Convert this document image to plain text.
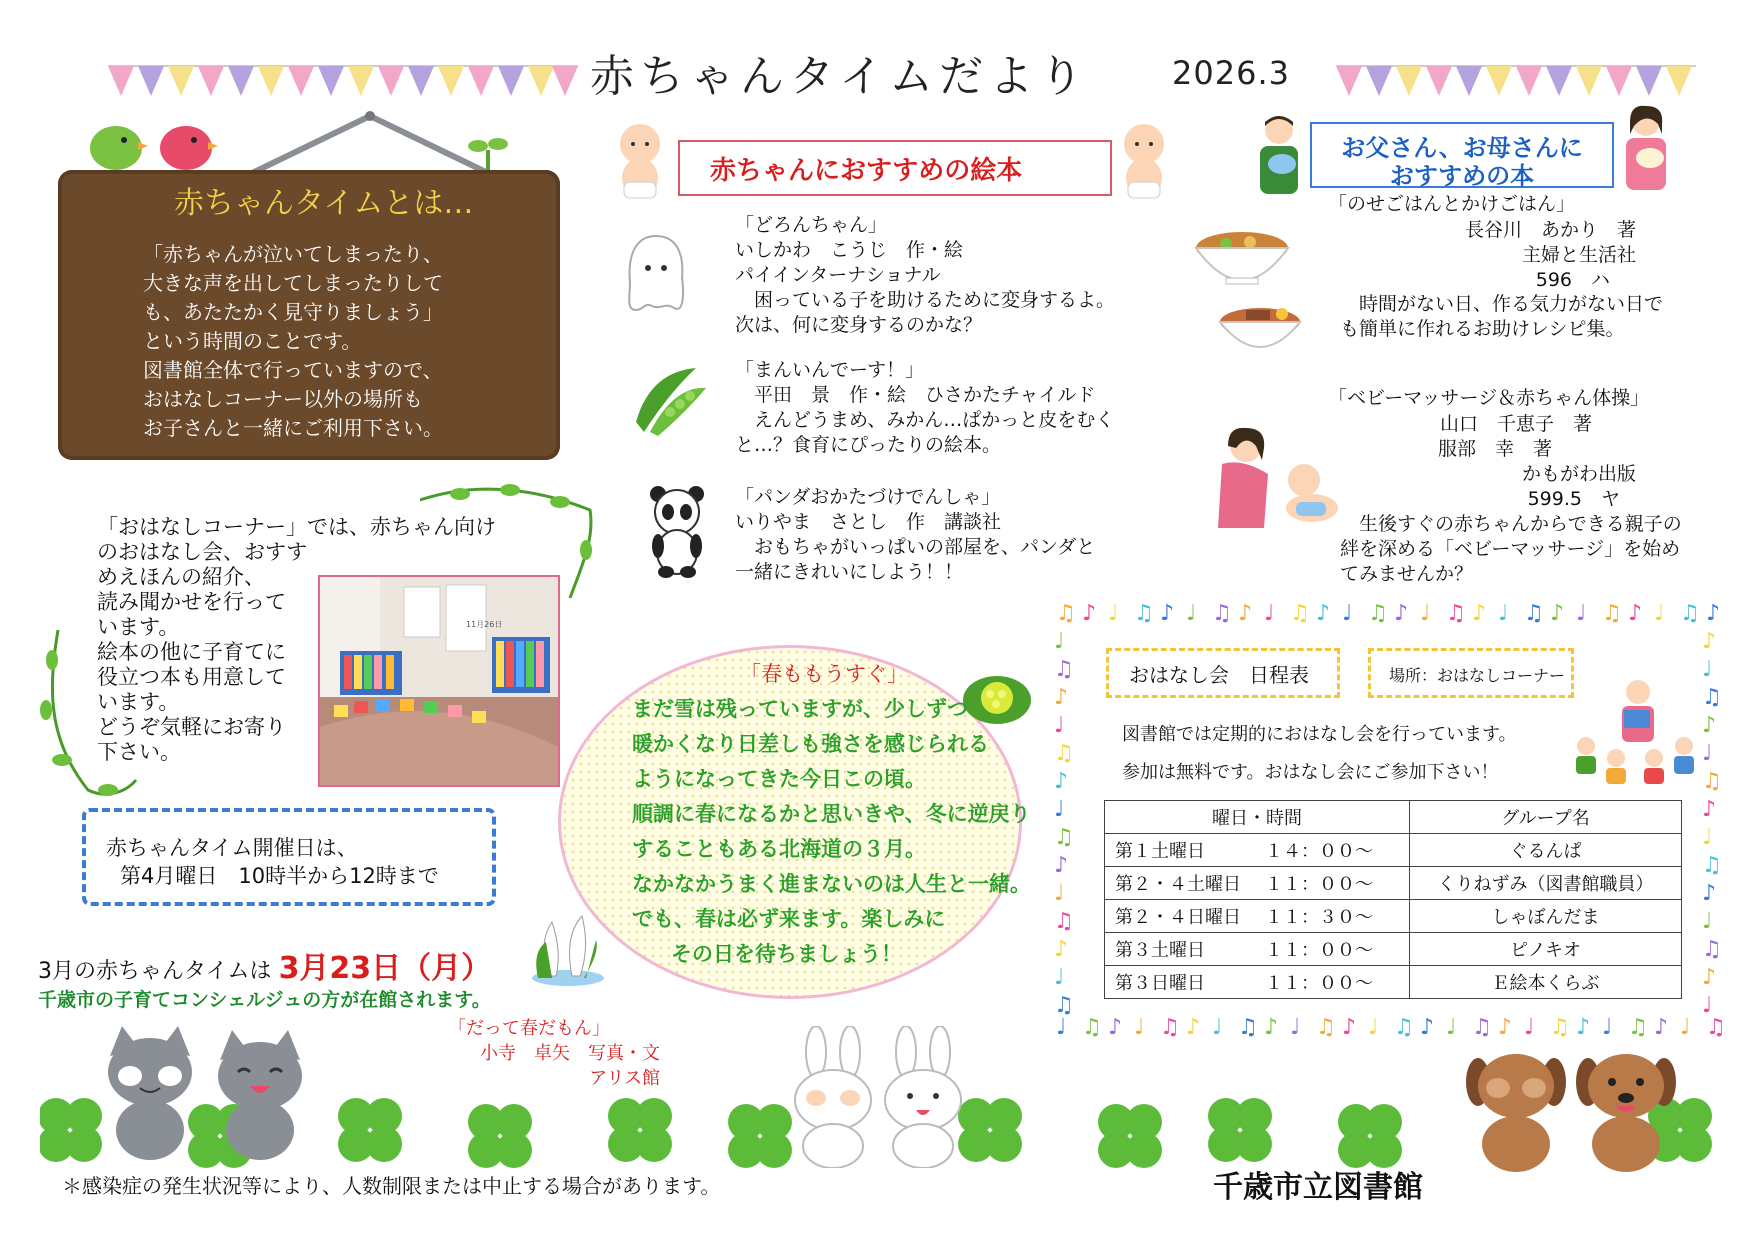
赤ちゃんタイムだより	2026.3
赤ちゃんタイムとは…

「赤ちゃんが泣いてしまったり、

大きな声を出してしまったりして

も、あたたかく見守りましょう」

という時間のことです。

図書館全体で行っていますので、

おはなしコーナー以外の場所も

お子さんと一緒にご利用下さい。

「おはなしコーナー」では、赤ちゃん向け

のおはなし会、おすす

めえほんの紹介、

読み聞かせを行って

います。

絵本の他に子育てに

役立つ本も用意して

います。

どうぞ気軽にお寄り

下さい。

11月26日

赤ちゃんタイム開催日は、

第4月曜日　10時半から12時まで

3月の赤ちゃんタイムは 3月23日（月）
千歳市の子育てコンシェルジュの方が在館されます。
「だって春だもん」
小寺　卓矢　写真・文
アリス館
赤ちゃんにおすすめの絵本

「どろんちゃん」

いしかわ　こうじ　作・絵

パイインターナショナル

　困っている子を助けるために変身するよ。

次は、何に変身するのかな？

「まんいんでーす！」

　平田　景　作・絵　ひさかたチャイルド

　えんどうまめ、みかん…ぱかっと皮をむく

と…？食育にぴったりの絵本。

「パンダおかたづけでんしゃ」

いりやま　さとし　作　講談社

　おもちゃがいっぱいの部屋を、パンダと

一緒にきれいにしよう！！

「春ももうすぐ」

まだ雪は残っていますが、少しずつ

暖かくなり日差しも強さを感じられる

ようになってきた今日この頃。

順調に春になるかと思いきや、冬に逆戻り

することもある北海道の３月。

なかなかうまく進まないのは人生と一緒。

でも、春は必ず来ます。楽しみに

　その日を待ちましょう！

お父さん、お母さんに

おすすめの本

「のせごはんとかけごはん」

長谷川　あかり　著

主婦と生活社

596　ハ

　時間がない日、作る気力がない日で

も簡単に作れるお助けレシピ集。

「ベビーマッサージ＆赤ちゃん体操」

山口　千恵子　著

服部　幸　著

かもがわ出版

599.5　ヤ

　生後すぐの赤ちゃんからできる親子の

絆を深める「ベビーマッサージ」を始め

てみませんか？

♫
♩
♪
♫
♩
♪
♫
♩
♪
♫
♩
♪
♫
♩
♪
♫
♩
♪
♫
♩
♪
♫
♩
♪
♫
♩
♪
♫
♩
♪
♫
♩
♪
♫
♩
♪
♫
♩
♪
♫
♩
♪
♫
♩
♪
♫
♩
♪
♫
♩
♪
♫
♩	♪
♫	♩
♪	♫
♩	♪
♫	♩
♪	♫
♩	♪
♫	♩
♪	♫
♩	♪
♫	♩
♪	♫
♩	♪
♫	♩
おはなし会　日程表	場所：おはなしコーナー
図書館では定期的におはなし会を行っています。
参加は無料です。おはなし会にご参加下さい！
曜日・時間	グループ名
第１土曜日 １４：００～	ぐるんぱ
第２・４土曜日 １１：００～	くりねずみ（図書館職員）
第２・４日曜日 １１：３０～	しゃぼんだま
第３土曜日 １１：００～	ピノキオ
第３日曜日 １１：００～	Ｅ絵本くらぶ
＊感染症の発生状況等により、人数制限または中止する場合があります。	千歳市立図書館
